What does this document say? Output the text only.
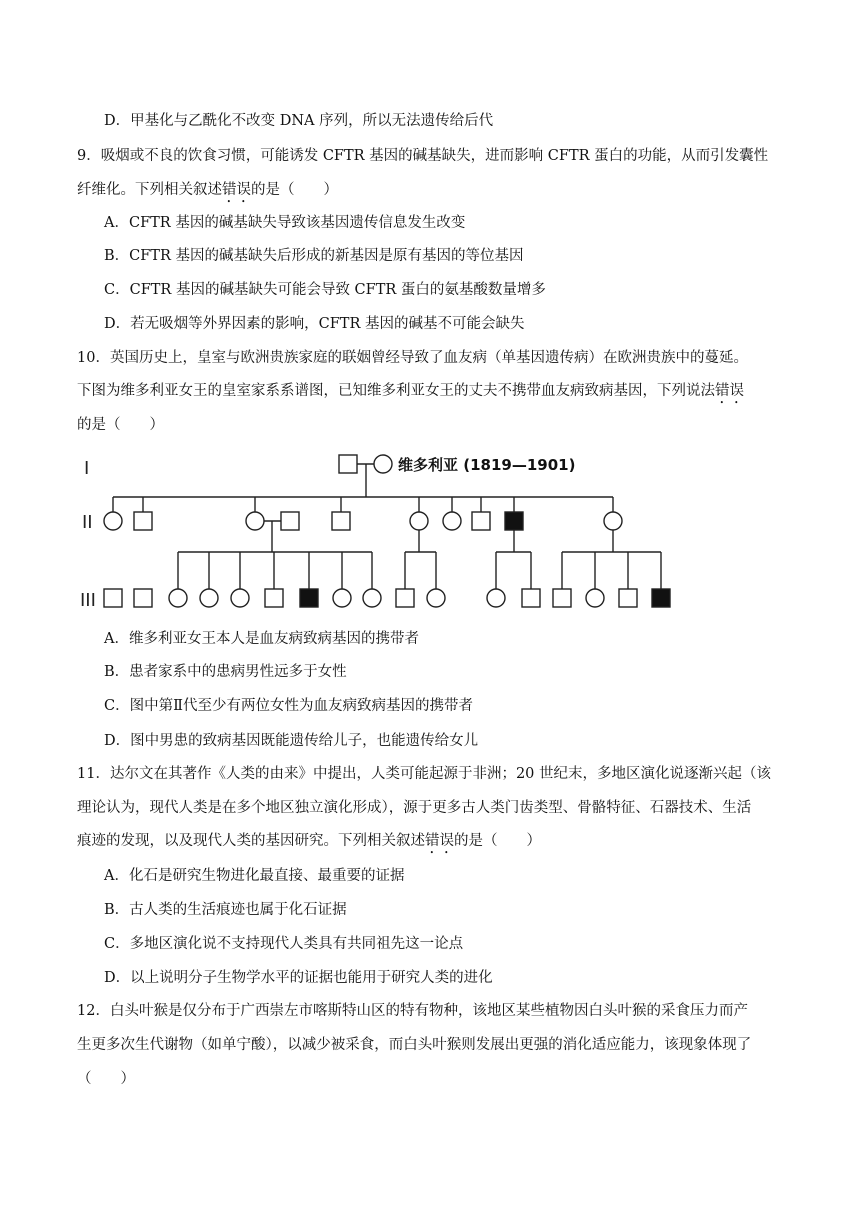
D．甲基化与乙酰化不改变 DNA 序列，所以无法遗传给后代
9．吸烟或不良的饮食习惯，可能诱发 CFTR 基因的碱基缺失，进而影响 CFTR 蛋白的功能，从而引发囊性
纤维化。下列相关叙述错误的是（　　）
A．CFTR 基因的碱基缺失导致该基因遗传信息发生改变
B．CFTR 基因的碱基缺失后形成的新基因是原有基因的等位基因
C．CFTR 基因的碱基缺失可能会导致 CFTR 蛋白的氨基酸数量增多
D．若无吸烟等外界因素的影响，CFTR 基因的碱基不可能会缺失
10．英国历史上，皇室与欧洲贵族家庭的联姻曾经导致了血友病（单基因遗传病）在欧洲贵族中的蔓延。
下图为维多利亚女王的皇室家系系谱图，已知维多利亚女王的丈夫不携带血友病致病基因，下列说法错误
的是（　　）
I
II
III
维多利亚 (1819—1901)
A．维多利亚女王本人是血友病致病基因的携带者
B．患者家系中的患病男性远多于女性
C．图中第Ⅱ代至少有两位女性为血友病致病基因的携带者
D．图中男患的致病基因既能遗传给儿子，也能遗传给女儿
11．达尔文在其著作《人类的由来》中提出，人类可能起源于非洲；20 世纪末，多地区演化说逐渐兴起（该
理论认为，现代人类是在多个地区独立演化形成），源于更多古人类门齿类型、骨骼特征、石器技术、生活
痕迹的发现，以及现代人类的基因研究。下列相关叙述错误的是（　　）
A．化石是研究生物进化最直接、最重要的证据
B．古人类的生活痕迹也属于化石证据
C．多地区演化说不支持现代人类具有共同祖先这一论点
D．以上说明分子生物学水平的证据也能用于研究人类的进化
12．白头叶猴是仅分布于广西崇左市喀斯特山区的特有物种，该地区某些植物因白头叶猴的采食压力而产
生更多次生代谢物（如单宁酸），以减少被采食，而白头叶猴则发展出更强的消化适应能力，该现象体现了
（　　）
